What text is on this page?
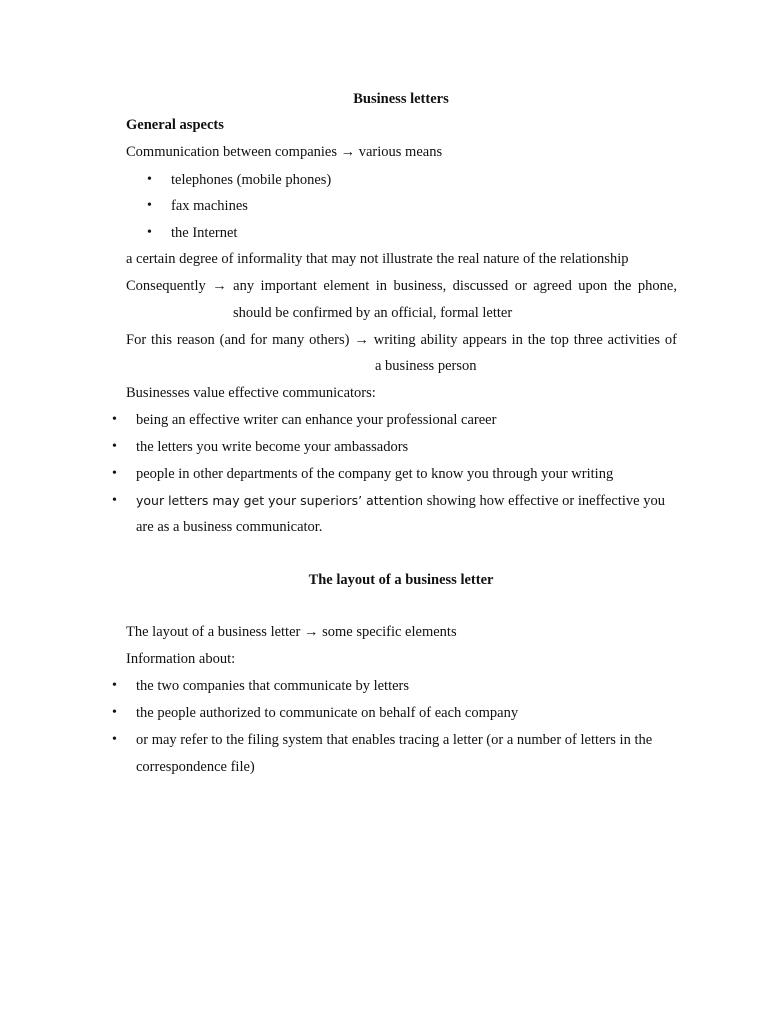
Business letters
General aspects
Communication between companies → various means
• telephones (mobile phones)
• fax machines
• the Internet
a certain degree of informality that may not illustrate the real nature of the relationship
Consequently → any important element in business, discussed or agreed upon the phone,
should be confirmed by an official, formal letter
For this reason (and for many others) → writing ability appears in the top three activities of
a business person
Businesses value effective communicators:
• being an effective writer can enhance your professional career
• the letters you write become your ambassadors
• people in other departments of the company get to know you through your writing
• your letters may get your superiors’ attention showing how effective or ineffective you
are as a business communicator.
The layout of a business letter
The layout of a business letter → some specific elements
Information about:
• the two companies that communicate by letters
• the people authorized to communicate on behalf of each company
• or may refer to the filing system that enables tracing a letter (or a number of letters in the
correspondence file)
